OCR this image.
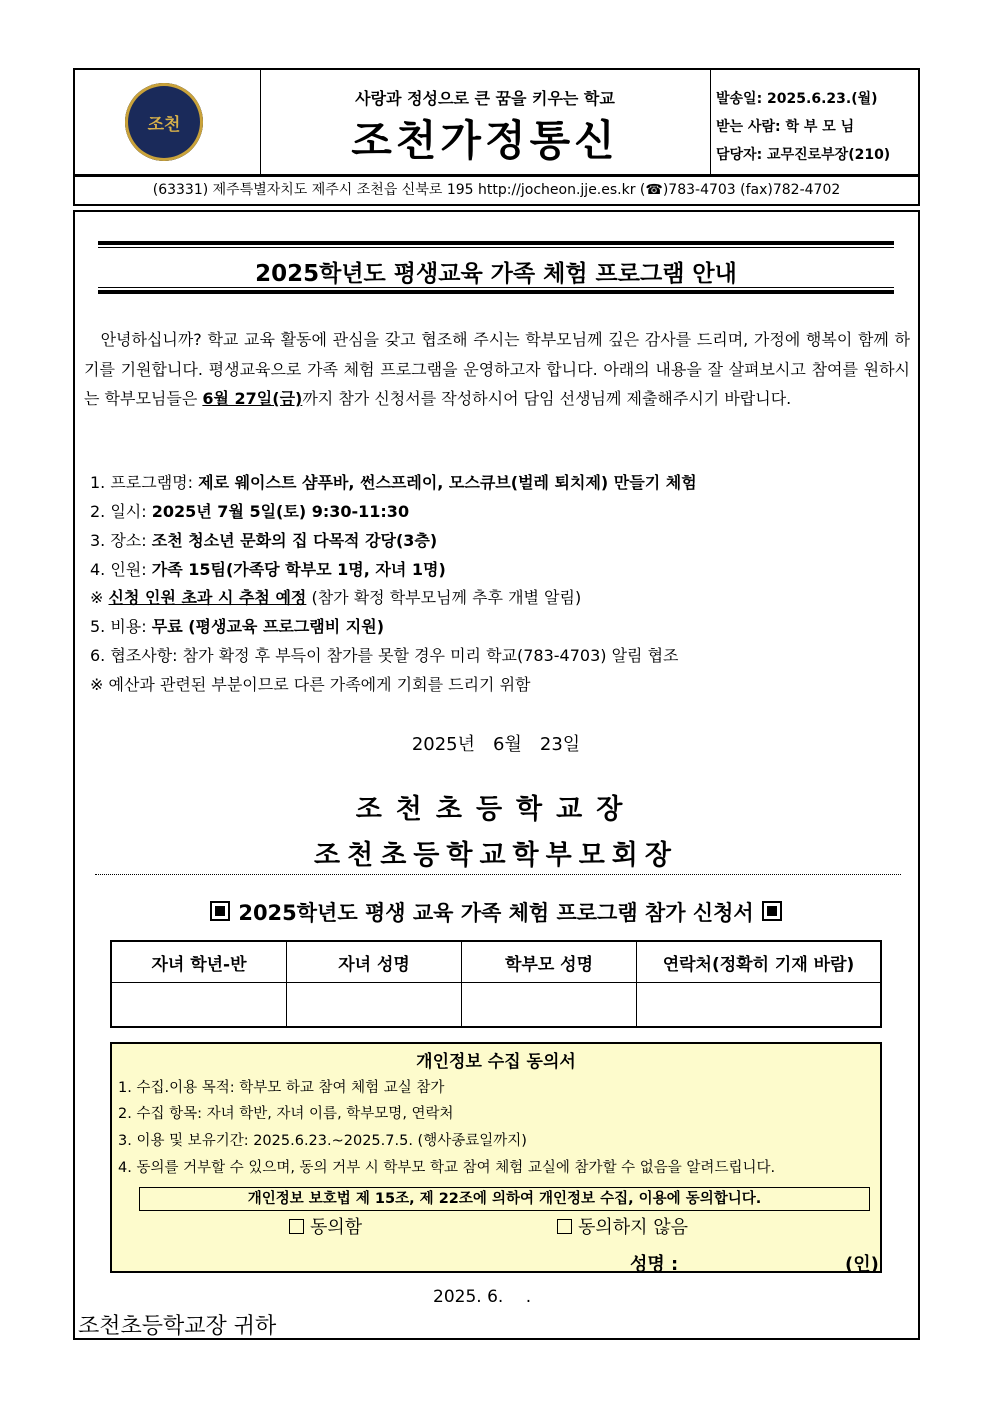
조천
사랑과 정성으로 큰 꿈을 키우는 학교
조천가정통신
발송일: 2025.6.23.(월)
받는 사람: 학 부 모 님
담당자: 교무진로부장(210)
(63331) 제주특별자치도 제주시 조천읍 신북로 195 http://jocheon.jje.es.kr (☎)783-4703 (fax)782-4702
2025학년도 평생교육 가족 체험 프로그램 안내
　안녕하십니까? 학교 교육 활동에 관심을 갖고 협조해 주시는 학부모님께 깊은 감사를 드리며, 가정에 행복이 함께 하기를 기원합니다. 평생교육으로 가족 체험 프로그램을 운영하고자 합니다. 아래의 내용을 잘 살펴보시고 참여를 원하시는 학부모님들은 6월 27일(금)까지 참가 신청서를 작성하시어 담임 선생님께 제출해주시기 바랍니다.
1. 프로그램명: 제로 웨이스트 샴푸바, 썬스프레이, 모스큐브(벌레 퇴치제) 만들기 체험
2. 일시: 2025년 7월 5일(토) 9:30-11:30
3. 장소: 조천 청소년 문화의 집 다목적 강당(3층)
4. 인원: 가족 15팀(가족당 학부모 1명, 자녀 1명)
※ 신청 인원 초과 시 추첨 예정 (참가 확정 학부모님께 추후 개별 알림)
5. 비용: 무료 (평생교육 프로그램비 지원)
6. 협조사항: 참가 확정 후 부득이 참가를 못할 경우 미리 학교(783-4703) 알림 협조
※ 예산과 관련된 부분이므로 다른 가족에게 기회를 드리기 위함
2025년　6월　23일
조천초등학교장
조천초등학교학부모회장
2025학년도 평생 교육 가족 체험 프로그램 참가 신청서
자녀 학년-반	자녀 성명	학부모 성명	연락처(정확히 기재 바람)

개인정보 수집 동의서
1. 수집.이용 목적: 학부모 하교 참여 체험 교실 참가
2. 수집 항목: 자녀 학반, 자녀 이름, 학부모명, 연락처
3. 이용 및 보유기간: 2025.6.23.~2025.7.5. (행사종료일까지)
4. 동의를 거부할 수 있으며, 동의 거부 시 학부모 학교 참여 체험 교실에 참가할 수 없음을 알려드립니다.
개인정보 보호법 제 15조, 제 22조에 의하여 개인정보 수집, 이용에 동의합니다.
동의함	동의하지 않음
성명 :	(인)
2025. 6.　 .
조천초등학교장 귀하
